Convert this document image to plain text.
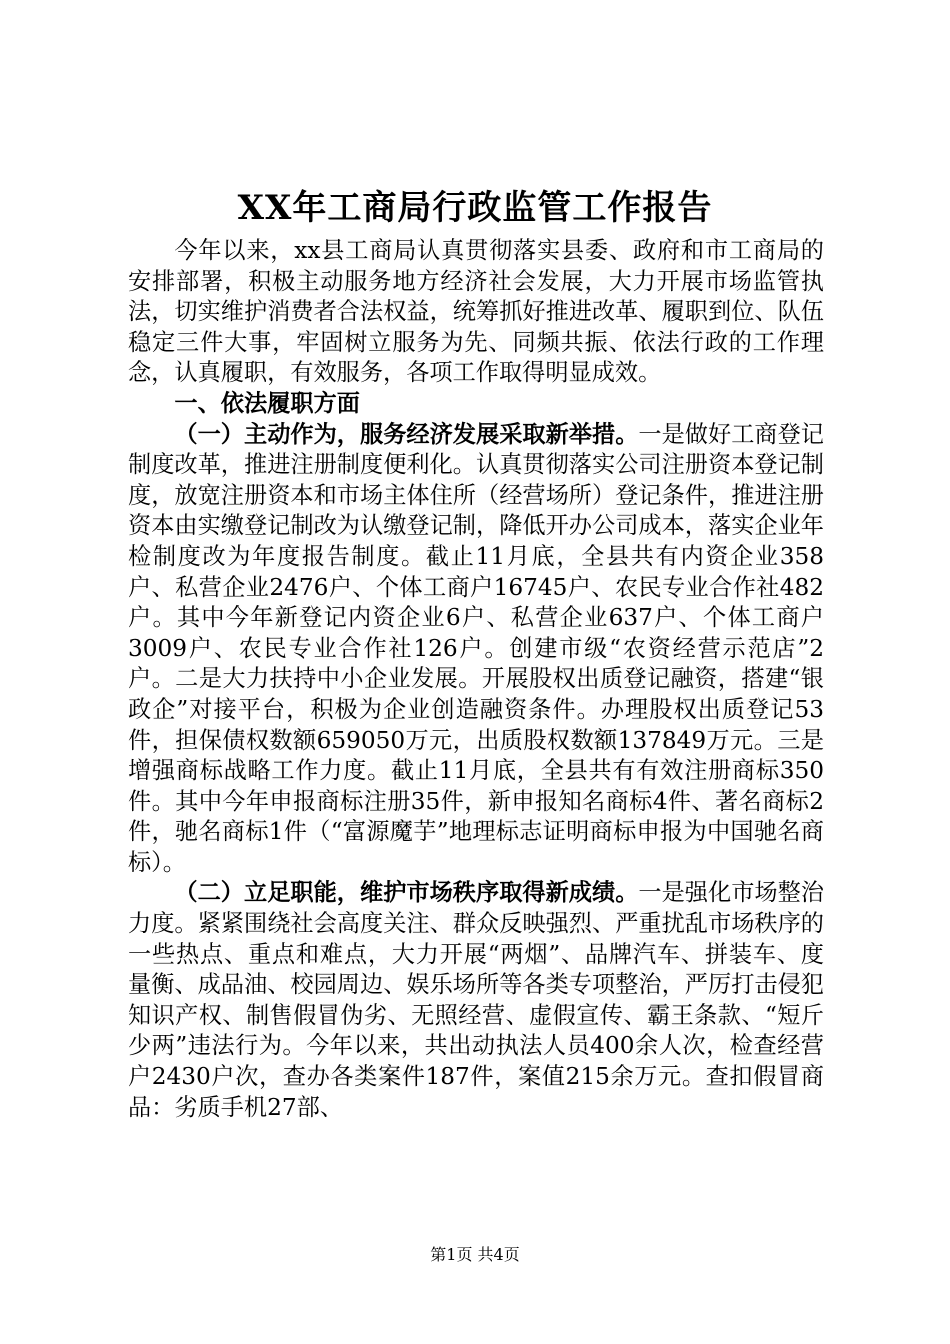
XX年工商局行政监管工作报告

今年以来，xx县工商局认真贯彻落实县委、政府和市工商局的安排部署，积极主动服务地方经济社会发展，大力开展市场监管执法，切实维护消费者合法权益，统筹抓好推进改革、履职到位、队伍稳定三件大事，牢固树立服务为先、同频共振、依法行政的工作理念，认真履职，有效服务，各项工作取得明显成效。

一、依法履职方面

（一）主动作为，服务经济发展采取新举措。一是做好工商登记制度改革，推进注册制度便利化。认真贯彻落实公司注册资本登记制度，放宽注册资本和市场主体住所（经营场所）登记条件，推进注册资本由实缴登记制改为认缴登记制，降低开办公司成本，落实企业年检制度改为年度报告制度。截止11月底，全县共有内资企业358户、私营企业2476户、个体工商户16745户、农民专业合作社482户。其中今年新登记内资企业6户、私营企业637户、个体工商户3009户、农民专业合作社126户。创建市级“农资经营示范店”2户。二是大力扶持中小企业发展。开展股权出质登记融资，搭建“银政企”对接平台，积极为企业创造融资条件。办理股权出质登记53件，担保债权数额659050万元，出质股权数额137849万元。三是增强商标战略工作力度。截止11月底，全县共有有效注册商标350件。其中今年申报商标注册35件，新申报知名商标4件、著名商标2件，驰名商标1件（“富源魔芋”地理标志证明商标申报为中国驰名商标）。

（二）立足职能，维护市场秩序取得新成绩。一是强化市场整治力度。紧紧围绕社会高度关注、群众反映强烈、严重扰乱市场秩序的一些热点、重点和难点，大力开展“两烟”、品牌汽车、拼装车、度量衡、成品油、校园周边、娱乐场所等各类专项整治，严厉打击侵犯知识产权、制售假冒伪劣、无照经营、虚假宣传、霸王条款、“短斤少两”违法行为。今年以来，共出动执法人员400余人次，检查经营户2430户次，查办各类案件187件，案值215余万元。查扣假冒商品：劣质手机27部、

第1页 共4页
